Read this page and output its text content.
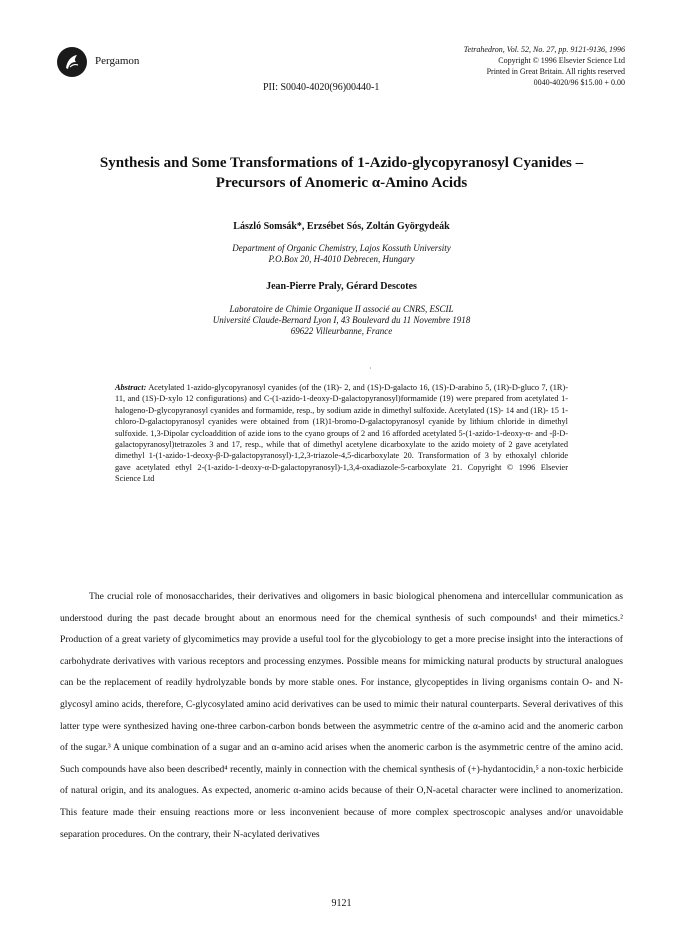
Pergamon
Tetrahedron, Vol. 52, No. 27, pp. 9121-9136, 1996
Copyright © 1996 Elsevier Science Ltd
Printed in Great Britain. All rights reserved
0040-4020/96 $15.00 + 0.00
PII: S0040-4020(96)00440-1
Synthesis and Some Transformations of 1-Azido-glycopyranosyl Cyanides –
Precursors of Anomeric α-Amino Acids
László Somsák*, Erzsébet Sós, Zoltán Györgydeák
Department of Organic Chemistry, Lajos Kossuth University
P.O.Box 20, H-4010 Debrecen, Hungary
Jean-Pierre Praly, Gérard Descotes
Laboratoire de Chimie Organique II associé au CNRS, ESCIL
Université Claude-Bernard Lyon I, 43 Boulevard du 11 Novembre 1918
69622 Villeurbanne, France
·
Abstract: Acetylated 1-azido-glycopyranosyl cyanides (of the (1R)- 2, and (1S)-D-galacto 16, (1S)-D-arabino 5, (1R)-D-gluco 7, (1R)- 11, and (1S)-D-xylo 12 configurations) and C-(1-azido-1-deoxy-D-galactopyranosyl)formamide (19) were prepared from acetylated 1-halogeno-D-glycopyranosyl cyanides and formamide, resp., by sodium azide in dimethyl sulfoxide. Acetylated (1S)- 14 and (1R)- 15 1-chloro-D-galactopyranosyl cyanides were obtained from (1R)1-bromo-D-galactopyranosyl cyanide by lithium chloride in dimethyl sulfoxide. 1,3-Dipolar cycloaddition of azide ions to the cyano groups of 2 and 16 afforded acetylated 5-(1-azido-1-deoxy-α- and -β-D-galactopyranosyl)tetrazoles 3 and 17, resp., while that of dimethyl acetylene dicarboxylate to the azido moiety of 2 gave acetylated dimethyl 1-(1-azido-1-deoxy-β-D-galactopyranosyl)-1,2,3-triazole-4,5-dicarboxylate 20. Transformation of 3 by ethoxalyl chloride gave acetylated ethyl 2-(1-azido-1-deoxy-α-D-galactopyranosyl)-1,3,4-oxadiazole-5-carboxylate 21. Copyright © 1996 Elsevier Science Ltd

The crucial role of monosaccharides, their derivatives and oligomers in basic biological phenomena and intercellular communication as understood during the past decade brought about an enormous need for the chemical synthesis of such compounds¹ and their mimetics.² Production of a great variety of glycomimetics may provide a useful tool for the glycobiology to get a more precise insight into the interactions of carbohydrate derivatives with various receptors and processing enzymes. Possible means for mimicking natural products by structural analogues can be the replacement of readily hydrolyzable bonds by more stable ones. For instance, glycopeptides in living organisms contain O- and N-glycosyl amino acids, therefore, C-glycosylated amino acid derivatives can be used to mimic their natural counterparts. Several derivatives of this latter type were synthesized having one-three carbon-carbon bonds between the asymmetric centre of the α-amino acid and the anomeric carbon of the sugar.³ A unique combination of a sugar and an α-amino acid arises when the anomeric carbon is the asymmetric centre of the amino acid. Such compounds have also been described⁴ recently, mainly in connection with the chemical synthesis of (+)-hydantocidin,⁵ a non-toxic herbicide of natural origin, and its analogues. As expected, anomeric α-amino acids because of their O,N-acetal character were inclined to anomerization. This feature made their ensuing reactions more or less inconvenient because of more complex spectroscopic analyses and/or unavoidable separation procedures. On the contrary, their N-acylated derivatives

9121
